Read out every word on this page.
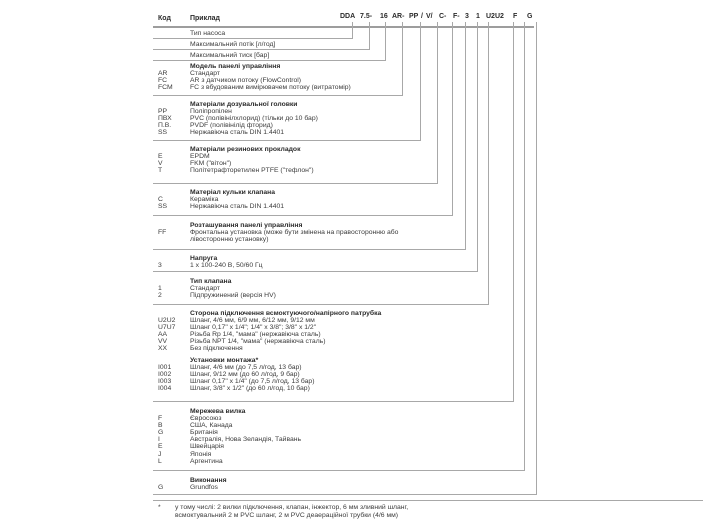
Код	Приклад	DDA 7.5- 16 AR- PP / V/ C- F- 3 1 U2U2 F G
Тип насоса
Максимальний потік [л/год]
Максимальний тиск [бар]
Модель панелі управління
AR	Стандарт
FC	AR з датчиком потоку (FlowControl)
FCM	FC з вбудованим вимірювачем потоку (витратомір)
Матеріали дозувальної головки
PP	Поліпропілен
ПВХ	PVC (полівінілхлорид) (тільки до 10 бар)
П.В.	PVDF (полівінілід фторид)
SS	Нержавіюча сталь DIN 1.4401
Матеріали резинових прокладок
E	EPDM
V	FKM ("вітон")
T	Політетрафторетилен PTFE ("тефлон")
Матеріал кульки клапана
C	Кераміка
SS	Нержавіюча сталь DIN 1.4401
Розташування панелі управління
FF	Фронтальна установка (може бути змінена на правосторонню або лівосторонню установку)
Напруга
3	1 x 100-240 В, 50/60 Гц
Тип клапана
1	Стандарт
2	Підпружинений (версія HV)
Сторона підключення всмоктуючого/напірного патрубка
U2U2 Шланг, 4/6 мм, 6/9 мм, 6/12 мм, 9/12 мм
U7U7 Шланг 0,17" x 1/4"; 1/4" x 3/8"; 3/8" x 1/2"
AA	Різьба Rp 1/4, "мама" (нержавіюча сталь)
VV	Різьба NPT 1/4, "мама" (нержавіюча сталь)
XX	Без підключення
Установки монтажа*
I001	Шланг, 4/6 мм (до 7,5 л/год, 13 бар)
I002	Шланг, 9/12 мм (до 60 л/год, 9 бар)
I003	Шланг 0,17" x 1/4" (до 7,5 л/год, 13 бар)
I004	Шланг, 3/8" x 1/2" (до 60 л/год, 10 бар)
Мережева вилка
F	Євросоюз
B	США, Канада
G	Британія
I	Австралія, Нова Зеландія, Тайвань
E	Швейцарія
J	Японія
L	Аргентина
Виконання
G	Grundfos
* у тому числі: 2 вилки підключення, клапан, інжектор, 6 мм зливний шланг,
всмоктувальний 2 м PVC шланг, 2 м PVC деаераційної трубки (4/6 мм)
